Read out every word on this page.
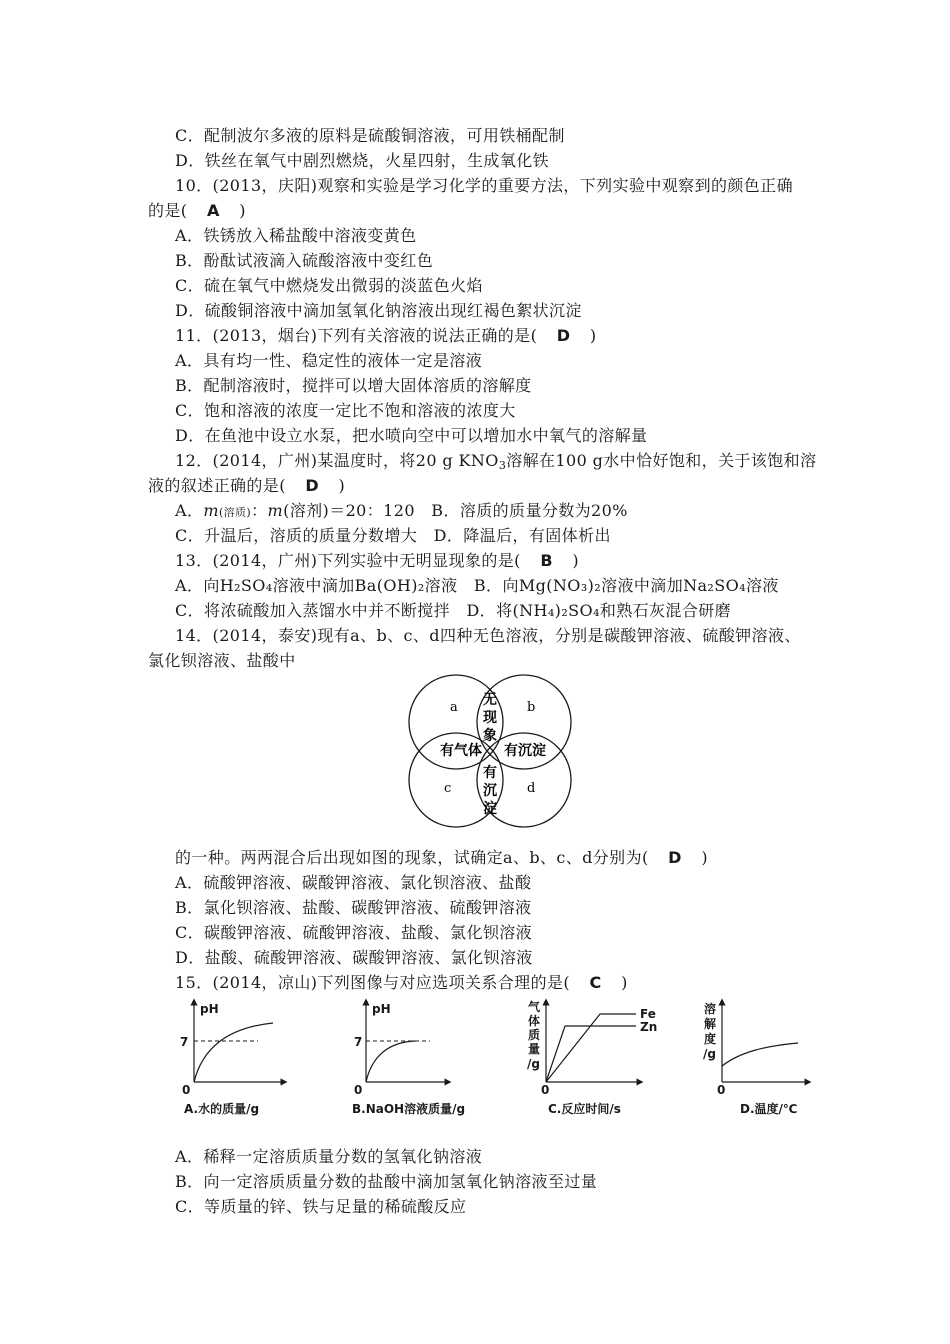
C．配制波尔多液的原料是硫酸铜溶液，可用铁桶配制
D．铁丝在氧气中剧烈燃烧，火星四射，生成氧化铁
10．(2013，庆阳)观察和实验是学习化学的重要方法，下列实验中观察到的颜色正确
的是( A )
A．铁锈放入稀盐酸中溶液变黄色
B．酚酞试液滴入硫酸溶液中变红色
C．硫在氧气中燃烧发出微弱的淡蓝色火焰
D．硫酸铜溶液中滴加氢氧化钠溶液出现红褐色絮状沉淀
11．(2013，烟台)下列有关溶液的说法正确的是( D )
A．具有均一性、稳定性的液体一定是溶液
B．配制溶液时，搅拌可以增大固体溶质的溶解度
C．饱和溶液的浓度一定比不饱和溶液的浓度大
D．在鱼池中设立水泵，把水喷向空中可以增加水中氧气的溶解量
12．(2014，广州)某温度时，将20 g $KNO_3$溶解在100 g水中恰好饱和，关于该饱和溶
液的叙述正确的是( D )
A．m(溶质)：m(溶剂)＝20：120　B．溶质的质量分数为20%
C．升温后，溶质的质量分数增大　D．降温后，有固体析出
13．(2014，广州)下列实验中无明显现象的是( B )
A．向H₂SO₄溶液中滴加Ba(OH)₂溶液　B．向Mg(NO₃)₂溶液中滴加Na₂SO₄溶液
C．将浓硫酸加入蒸馏水中并不断搅拌　D．将(NH₄)₂SO₄和熟石灰混合研磨
14．(2014，泰安)现有a、b、c、d四种无色溶液，分别是碳酸钾溶液、硫酸钾溶液、
氯化钡溶液、盐酸中
a	b
c	d
无
现
象
有气体 有沉淀
有
沉
淀
的一种。两两混合后出现如图的现象，试确定a、b、c、d分别为( D )
A．硫酸钾溶液、碳酸钾溶液、氯化钡溶液、盐酸
B．氯化钡溶液、盐酸、碳酸钾溶液、硫酸钾溶液
C．碳酸钾溶液、硫酸钾溶液、盐酸、氯化钡溶液
D．盐酸、硫酸钾溶液、碳酸钾溶液、氯化钡溶液
15．(2014，凉山)下列图像与对应选项关系合理的是( C )
pH
7
0
A.水的质量/g
pH
7
0
B.NaOH溶液质量/g
气
体
质
量
/g
Fe
Zn
0
C.反应时间/s
溶
解
度
/g
0
D.温度/℃
A．稀释一定溶质质量分数的氢氧化钠溶液
B．向一定溶质质量分数的盐酸中滴加氢氧化钠溶液至过量
C．等质量的锌、铁与足量的稀硫酸反应
